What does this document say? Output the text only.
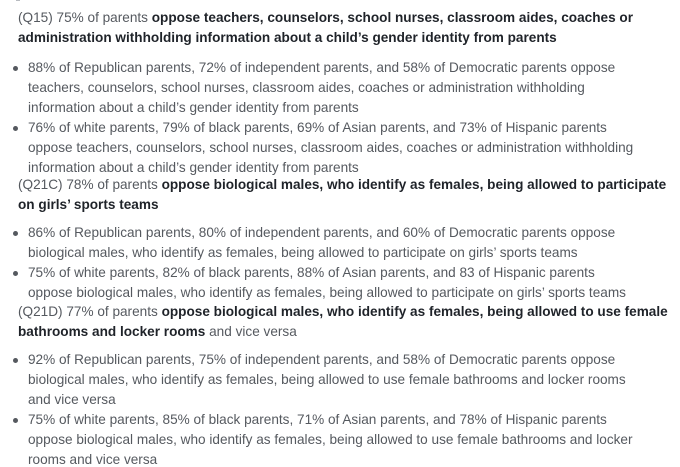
(Q15) 75% of parents oppose teachers, counselors, school nurses, classroom aides, coaches or administration withholding information about a child’s gender identity from parents

88% of Republican parents, 72% of independent parents, and 58% of Democratic parents oppose teachers, counselors, school nurses, classroom aides, coaches or administration withholding information about a child’s gender identity from parents
76% of white parents, 79% of black parents, 69% of Asian parents, and 73% of Hispanic parents oppose teachers, counselors, school nurses, classroom aides, coaches or administration withholding information about a child’s gender identity from parents

(Q21C) 78% of parents oppose biological males, who identify as females, being allowed to participate on girls’ sports teams

86% of Republican parents, 80% of independent parents, and 60% of Democratic parents oppose biological males, who identify as females, being allowed to participate on girls’ sports teams
75% of white parents, 82% of black parents, 88% of Asian parents, and 83 of Hispanic parents oppose biological males, who identify as females, being allowed to participate on girls’ sports teams

(Q21D) 77% of parents oppose biological males, who identify as females, being allowed to use female bathrooms and locker rooms and vice versa

92% of Republican parents, 75% of independent parents, and 58% of Democratic parents oppose biological males, who identify as females, being allowed to use female bathrooms and locker rooms and vice versa
75% of white parents, 85% of black parents, 71% of Asian parents, and 78% of Hispanic parents oppose biological males, who identify as females, being allowed to use female bathrooms and locker rooms and vice versa
